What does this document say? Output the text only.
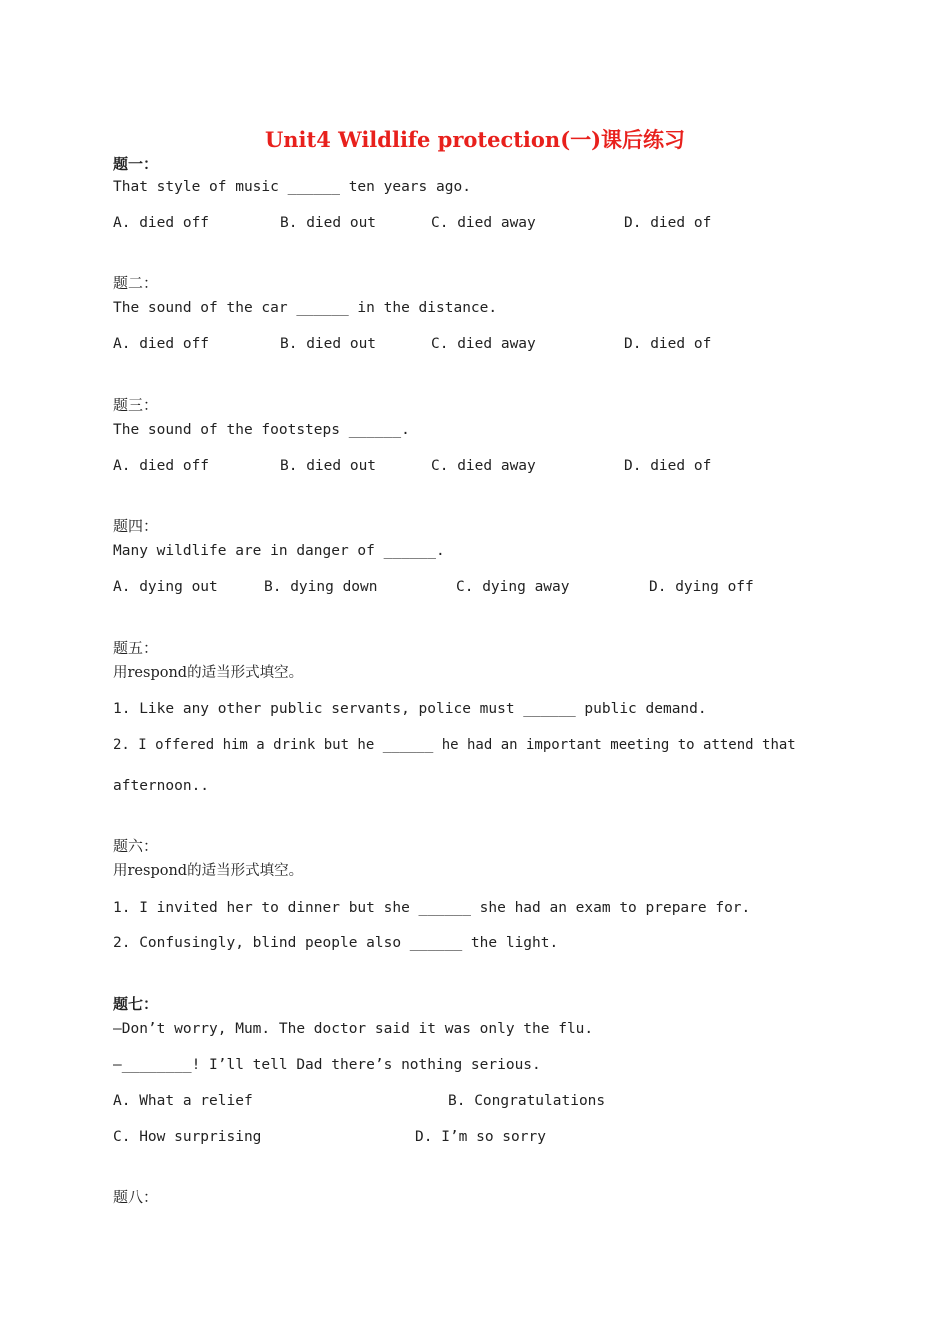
Unit4 Wildlife protection(一)课后练习
题一：
That style of music ______ ten years ago.
A. died off	B. died out	C. died away	D. died of
题二：
The sound of the car ______ in the distance.
A. died off	B. died out	C. died away	D. died of
题三：
The sound of the footsteps ______.
A. died off	B. died out	C. died away	D. died of
题四：
Many wildlife are in danger of ______.
A. dying out	B. dying down	C. dying away	D. dying off
题五：
用respond的适当形式填空。
1. Like any other public servants, police must ______ public demand.
2. I offered him a drink but he ______ he had an important meeting to attend that
afternoon..
题六：
用respond的适当形式填空。
1. I invited her to dinner but she ______ she had an exam to prepare for.
2. Confusingly, blind people also ______ the light.
题七：
—Don’t worry, Mum. The doctor said it was only the flu.
—________! I’ll tell Dad there’s nothing serious.
A. What a relief	B. Congratulations
C. How surprising	D. I’m so sorry
题八：
